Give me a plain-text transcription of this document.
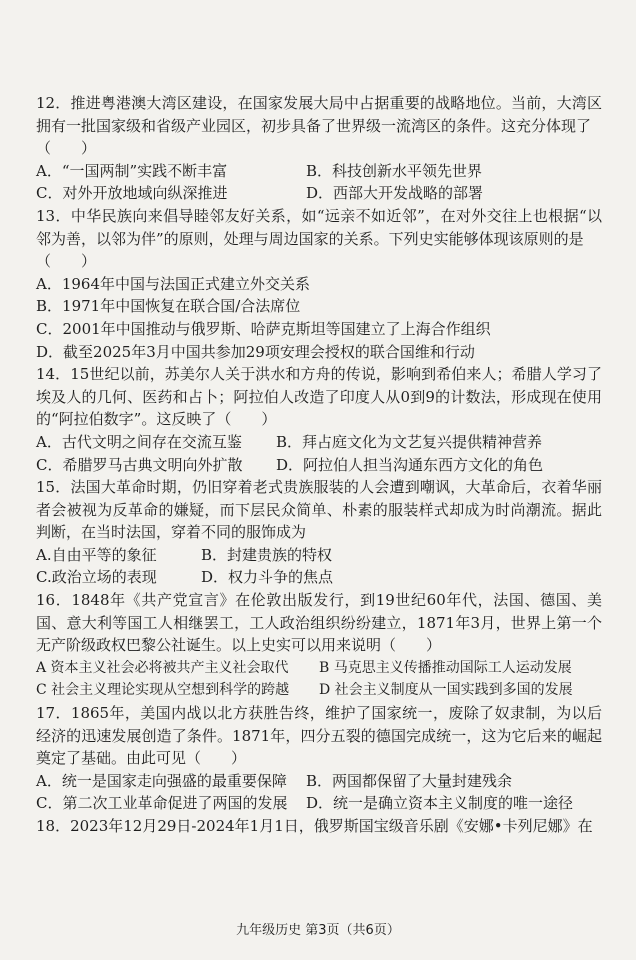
12．推进粤港澳大湾区建设，在国家发展大局中占据重要的战略地位。当前，大湾区拥有一批国家级和省级产业园区，初步具备了世界级一流湾区的条件。这充分体现了

（　　）

A．“一国两制”实践不断丰富	B．科技创新水平领先世界
C．对外开放地域向纵深推进	D．西部大开发战略的部署

13．中华民族向来倡导睦邻友好关系，如“远亲不如近邻”，在对外交往上也根据“以邻为善，以邻为伴”的原则，处理与周边国家的关系。下列史实能够体现该原则的是

（　　）

A．1964年中国与法国正式建立外交关系

B．1971年中国恢复在联合国/合法席位

C．2001年中国推动与俄罗斯、哈萨克斯坦等国建立了上海合作组织

D．截至2025年3月中国共参加29项安理会授权的联合国维和行动

14．15世纪以前，苏美尔人关于洪水和方舟的传说，影响到希伯来人；希腊人学习了埃及人的几何、医药和占卜；阿拉伯人改造了印度人从0到9的计数法，形成现在使用的“阿拉伯数字”。这反映了（　　）

A．古代文明之间存在交流互鉴	B．拜占庭文化为文艺复兴提供精神营养
C．希腊罗马古典文明向外扩散	D．阿拉伯人担当沟通东西方文化的角色

15．法国大革命时期，仍旧穿着老式贵族服装的人会遭到嘲讽，大革命后，衣着华丽者会被视为反革命的嫌疑，而下层民众简单、朴素的服装样式却成为时尚潮流。据此判断，在当时法国，穿着不同的服饰成为

A.自由平等的象征	B．封建贵族的特权
C.政治立场的表现	D．权力斗争的焦点

16．1848年《共产党宣言》在伦敦出版发行，到19世纪60年代，法国、德国、美国、意大利等国工人相继罢工，工人政治组织纷纷建立，1871年3月，世界上第一个无产阶级政权巴黎公社诞生。以上史实可以用来说明（　　）

A 资本主义社会必将被共产主义社会取代	B 马克思主义传播推动国际工人运动发展
C 社会主义理论实现从空想到科学的跨越	D 社会主义制度从一国实践到多国的发展

17．1865年，美国内战以北方获胜告终，维护了国家统一，废除了奴隶制，为以后经济的迅速发展创造了条件。1871年，四分五裂的德国完成统一，这为它后来的崛起奠定了基础。由此可见（　　）

A．统一是国家走向强盛的最重要保障	B．两国都保留了大量封建残余
C．第二次工业革命促进了两国的发展	D．统一是确立资本主义制度的唯一途径

18．2023年12月29日-2024年1月1日，俄罗斯国宝级音乐剧《安娜•卡列尼娜》在

九年级历史 第3页（共6页）
